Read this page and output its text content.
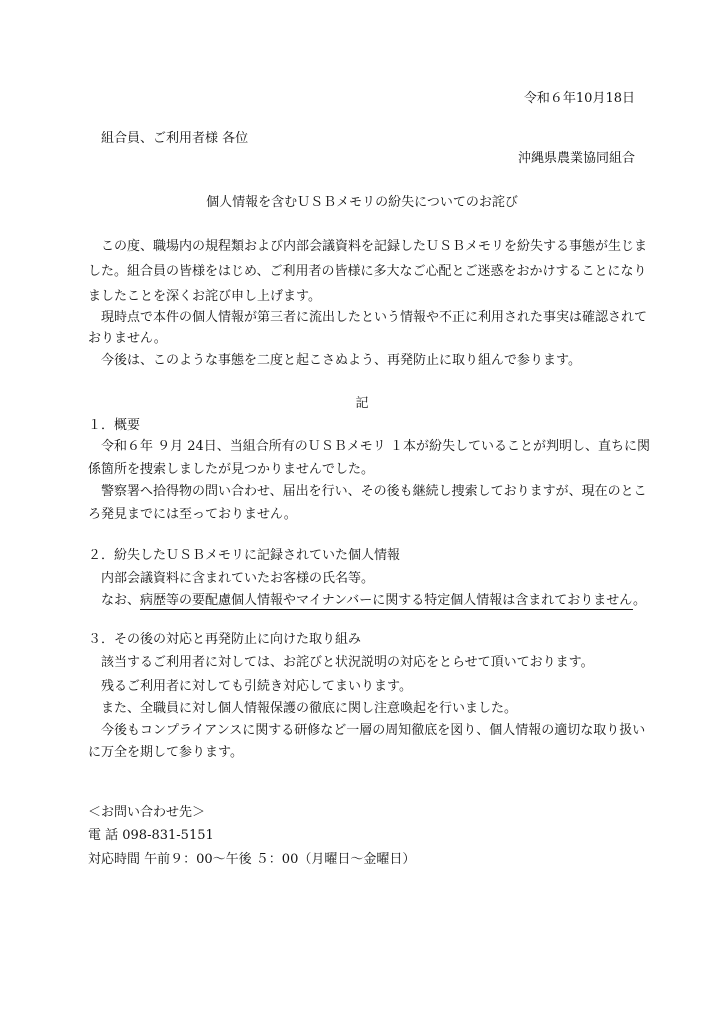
令和６年10月18日
組合員、ご利用者様 各位
沖縄県農業協同組合
個人情報を含むＵＳＢメモリの紛失についてのお詫び
この度、職場内の規程類および内部会議資料を記録したＵＳＢメモリを紛失する事態が生じま
した。組合員の皆様をはじめ、ご利用者の皆様に多大なご心配とご迷惑をおかけすることになり
ましたことを深くお詫び申し上げます。
現時点で本件の個人情報が第三者に流出したという情報や不正に利用された事実は確認されて
おりません。
今後は、このような事態を二度と起こさぬよう、再発防止に取り組んで参ります。
記
１．概要
令和６年 ９月 24日、当組合所有のＵＳＢメモリ １本が紛失していることが判明し、直ちに関
係箇所を捜索しましたが見つかりませんでした。
警察署へ拾得物の問い合わせ、届出を行い、その後も継続し捜索しておりますが、現在のとこ
ろ発見までには至っておりません。
２．紛失したＵＳＢメモリに記録されていた個人情報
内部会議資料に含まれていたお客様の氏名等。
なお、病歴等の要配慮個人情報やマイナンバーに関する特定個人情報は含まれておりません。
３．その後の対応と再発防止に向けた取り組み
該当するご利用者に対しては、お詫びと状況説明の対応をとらせて頂いております。
残るご利用者に対しても引続き対応してまいります。
また、全職員に対し個人情報保護の徹底に関し注意喚起を行いました。
今後もコンプライアンスに関する研修など一層の周知徹底を図り、個人情報の適切な取り扱い
に万全を期して参ります。
＜お問い合わせ先＞
電 話 098-831-5151
対応時間 午前９：00～午後 ５：00（月曜日～金曜日）
